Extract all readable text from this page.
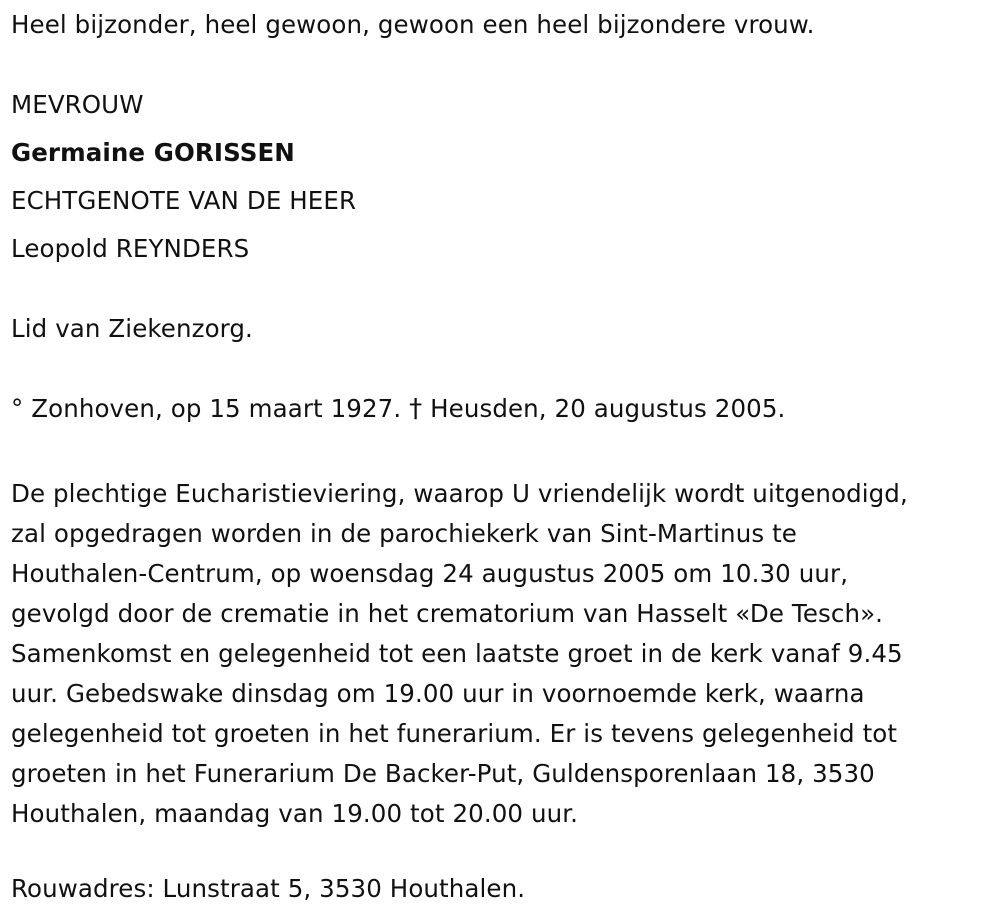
Heel bijzonder, heel gewoon, gewoon een heel bijzondere vrouw.
MEVROUW
Germaine GORISSEN
ECHTGENOTE VAN DE HEER
Leopold REYNDERS
Lid van Ziekenzorg.
° Zonhoven, op 15 maart 1927. † Heusden, 20 augustus 2005.
De plechtige Eucharistieviering, waarop U vriendelijk wordt uitgenodigd,
zal opgedragen worden in de parochiekerk van Sint-Martinus te
Houthalen-Centrum, op woensdag 24 augustus 2005 om 10.30 uur,
gevolgd door de crematie in het crematorium van Hasselt «De Tesch».
Samenkomst en gelegenheid tot een laatste groet in de kerk vanaf 9.45
uur. Gebedswake dinsdag om 19.00 uur in voornoemde kerk, waarna
gelegenheid tot groeten in het funerarium. Er is tevens gelegenheid tot
groeten in het Funerarium De Backer-Put, Guldensporenlaan 18, 3530
Houthalen, maandag van 19.00 tot 20.00 uur.
Rouwadres: Lunstraat 5, 3530 Houthalen.
